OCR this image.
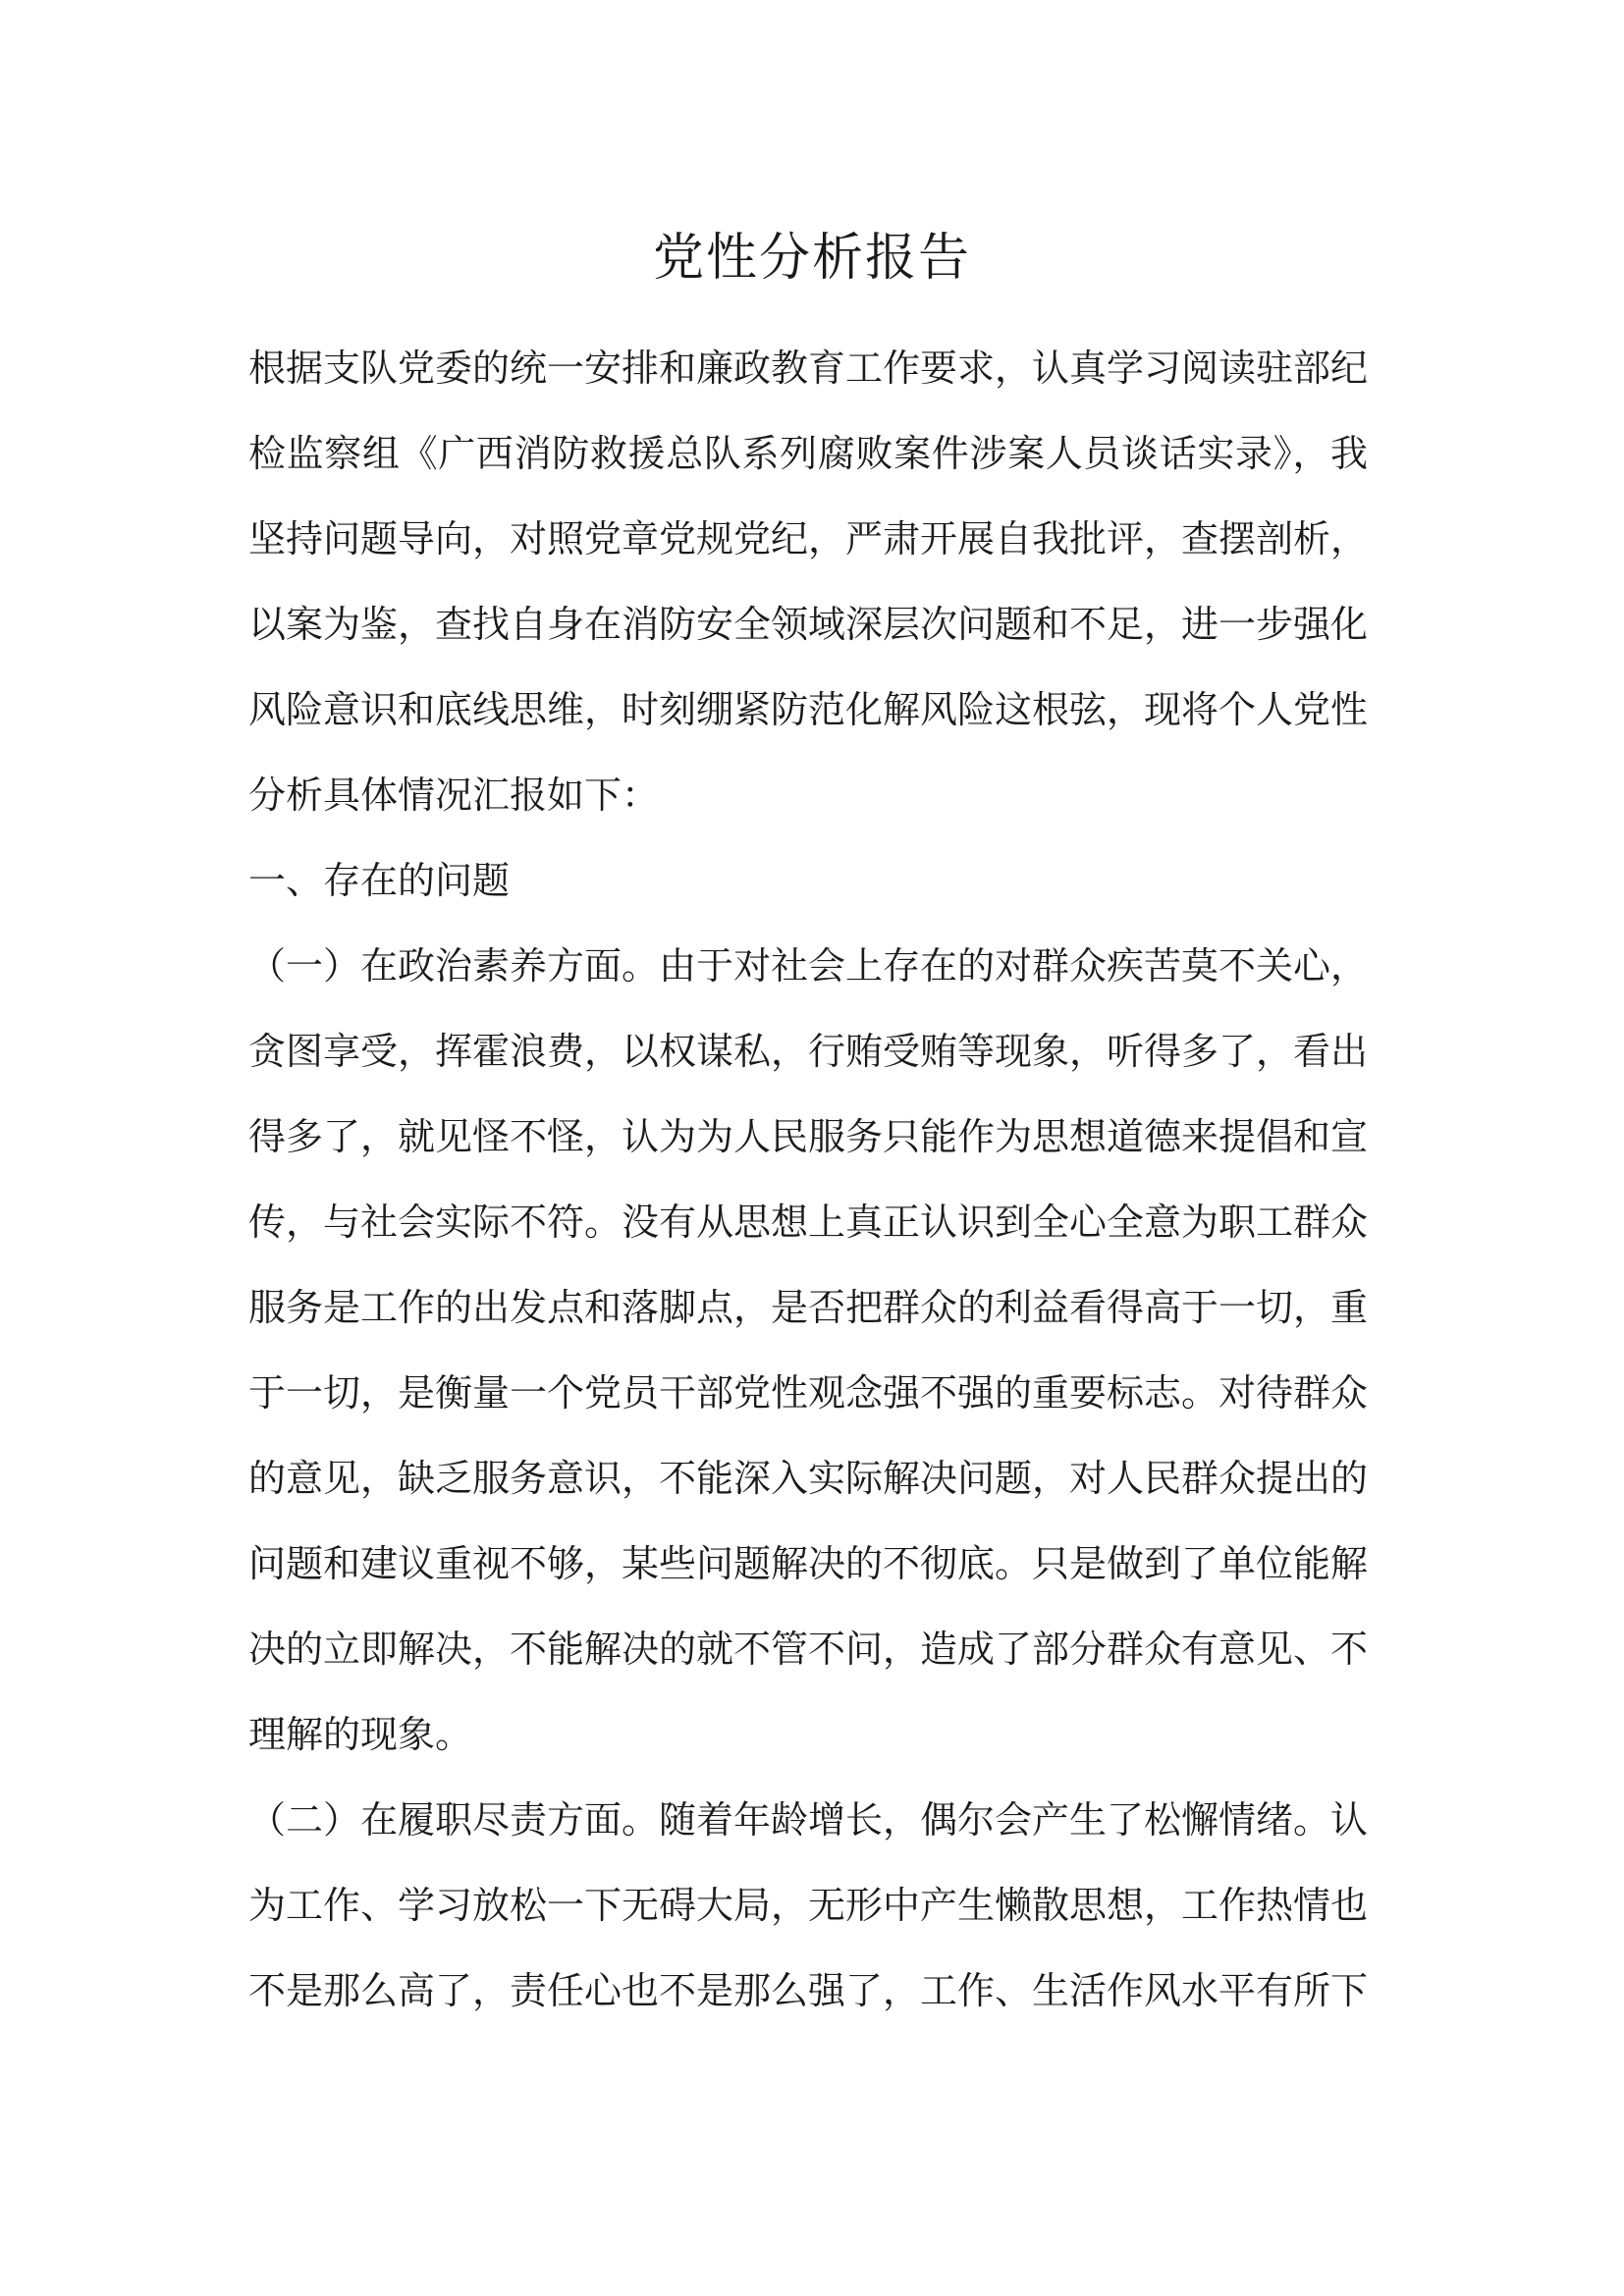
党性分析报告
根据支队党委的统一安排和廉政教育工作要求，认真学习阅读驻部纪
检监察组《广西消防救援总队系列腐败案件涉案人员谈话实录》，我
坚持问题导向，对照党章党规党纪，严肃开展自我批评，查摆剖析，
以案为鉴，查找自身在消防安全领域深层次问题和不足，进一步强化
风险意识和底线思维，时刻绷紧防范化解风险这根弦，现将个人党性
分析具体情况汇报如下：
一、存在的问题
（一）在政治素养方面。由于对社会上存在的对群众疾苦莫不关心，
贪图享受，挥霍浪费，以权谋私，行贿受贿等现象，听得多了，看出
得多了，就见怪不怪，认为为人民服务只能作为思想道德来提倡和宣
传，与社会实际不符。没有从思想上真正认识到全心全意为职工群众
服务是工作的出发点和落脚点，是否把群众的利益看得高于一切，重
于一切，是衡量一个党员干部党性观念强不强的重要标志。对待群众
的意见，缺乏服务意识，不能深入实际解决问题，对人民群众提出的
问题和建议重视不够，某些问题解决的不彻底。只是做到了单位能解
决的立即解决，不能解决的就不管不问，造成了部分群众有意见、不
理解的现象。
（二）在履职尽责方面。随着年龄增长，偶尔会产生了松懈情绪。认
为工作、学习放松一下无碍大局，无形中产生懒散思想，工作热情也
不是那么高了，责任心也不是那么强了，工作、生活作风水平有所下
